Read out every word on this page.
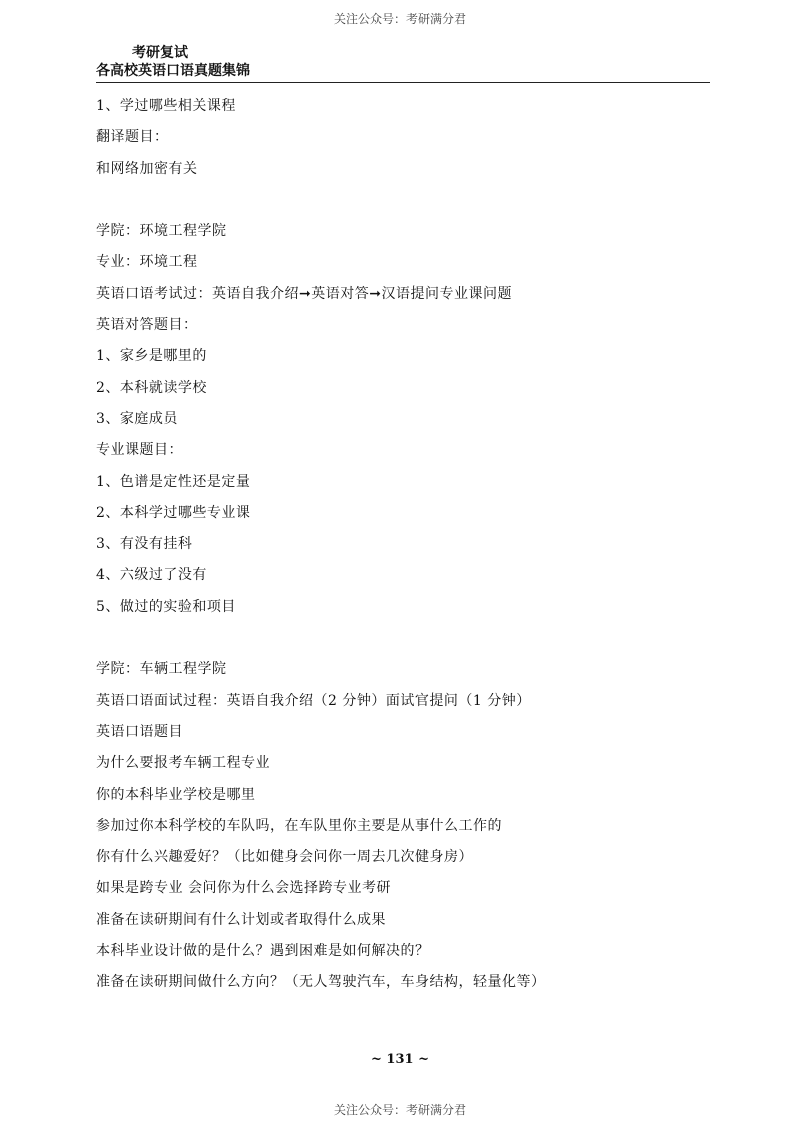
关注公众号：考研满分君
考研复试
各高校英语口语真题集锦
1、学过哪些相关课程
翻译题目：
和网络加密有关
学院：环境工程学院
专业：环境工程
英语口语考试过：英语自我介绍➞英语对答➞汉语提问专业课问题
英语对答题目：
1、家乡是哪里的
2、本科就读学校
3、家庭成员
专业课题目：
1、色谱是定性还是定量
2、本科学过哪些专业课
3、有没有挂科
4、六级过了没有
5、做过的实验和项目
学院：车辆工程学院
英语口语面试过程：英语自我介绍（2 分钟）面试官提问（1 分钟）
英语口语题目
为什么要报考车辆工程专业
你的本科毕业学校是哪里
参加过你本科学校的车队吗，在车队里你主要是从事什么工作的
你有什么兴趣爱好？（比如健身会问你一周去几次健身房）
如果是跨专业 会问你为什么会选择跨专业考研
准备在读研期间有什么计划或者取得什么成果
本科毕业设计做的是什么？遇到困难是如何解决的？
准备在读研期间做什么方向？（无人驾驶汽车，车身结构，轻量化等）
~ 131 ~
关注公众号：考研满分君
